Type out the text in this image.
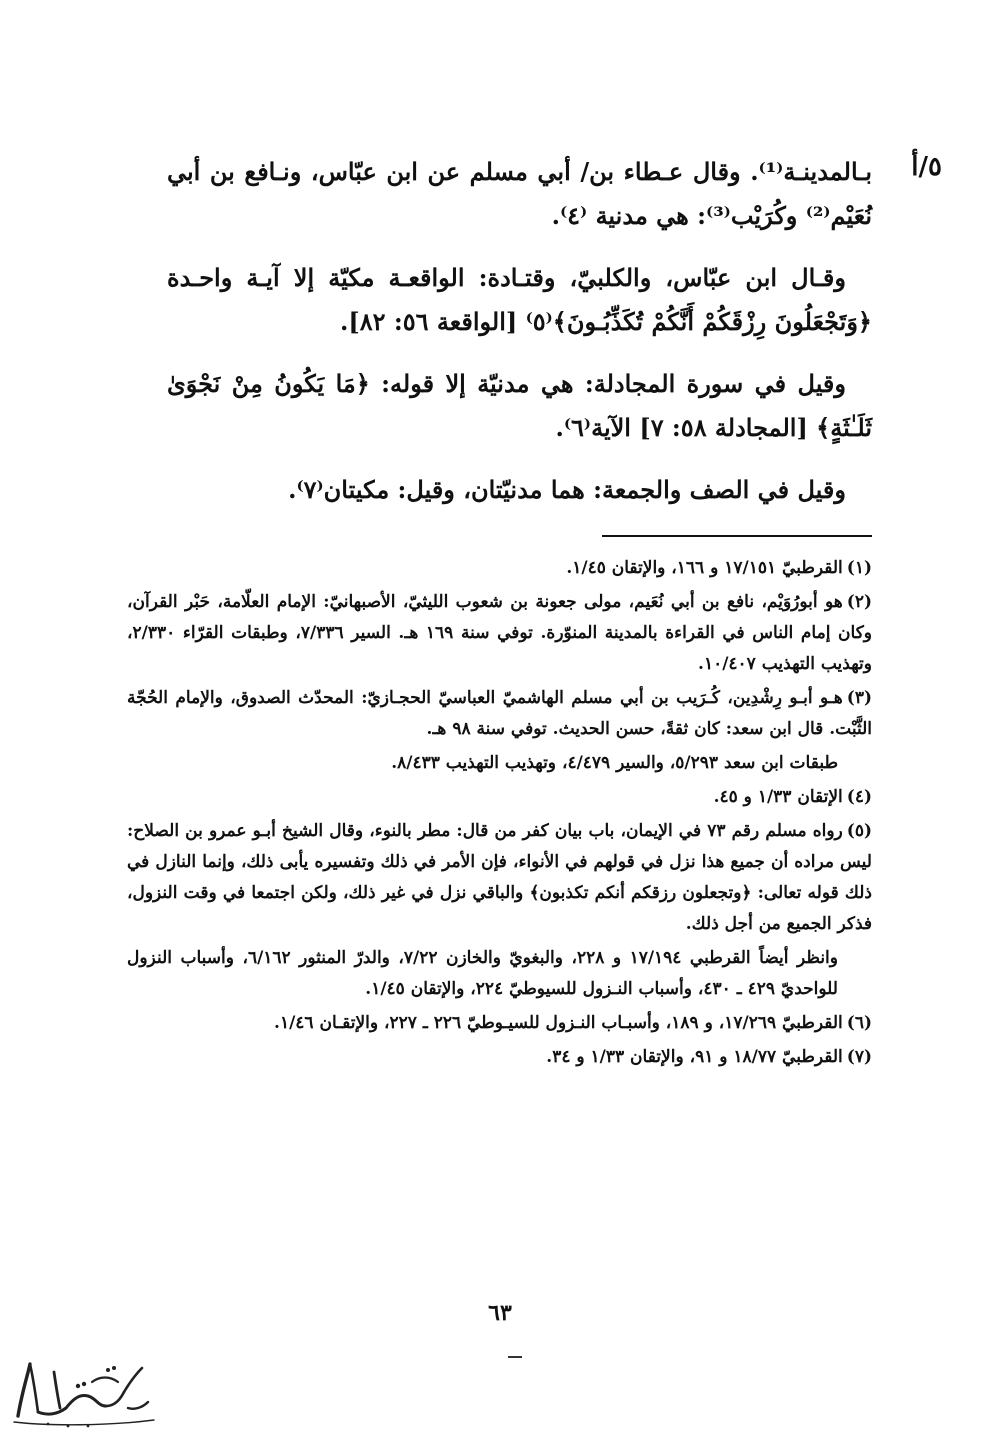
٥/أ

بـالمدينـة⁽¹⁾. وقال عـطاء بن/ أبي مسلم عن ابن عبّاس، ونـافع بن أبي نُعَيْم⁽²⁾ وكُرَيْب⁽³⁾: هي مدنية ⁽٤⁾.

وقـال ابن عبّاس، والكلبيّ، وقتـادة: الواقعـة مكيّة إلا آيـة واحـدة ﴿وَتَجْعَلُونَ رِزْقَكُمْ أَنَّكُمْ تُكَذِّبُـونَ﴾⁽٥⁾ [الواقعة ٥٦: ٨٢].

وقيل في سورة المجادلة: هي مدنيّة إلا قوله: ﴿مَا يَكُونُ مِنْ نَجْوَىٰ ثَلَـٰثَةٍ﴾ [المجادلة ٥٨: ٧] الآية⁽٦⁾.

وقيل في الصف والجمعة: هما مدنيّتان، وقيل: مكيتان⁽٧⁾.

(١)القرطبيّ ١٧/١٥١ و ١٦٦، والإتقان ١/٤٥.

(٢)هو أبورُوَيْم، نافع بن أبي نُعَيم، مولى جعونة بن شعوب الليثيّ، الأصبهانيّ: الإمام العلّامة، حَبْر القرآن، وكان إمام الناس في القراءة بالمدينة المنوّرة. توفي سنة ١٦٩ هـ. السير ٧/٣٣٦، وطبقات القرّاء ٢/٣٣٠، وتهذيب التهذيب ١٠/٤٠٧.

(٣)هـو أبـو رِشْدِين، كُـرَيب بن أبي مسلم الهاشميّ العباسيّ الحجـازيّ: المحدّث الصدوق، والإمام الحُجّة الثَّبْت. قال ابن سعد: كان ثقةً، حسن الحديث. توفي سنة ٩٨ هـ.

طبقات ابن سعد ٥/٢٩٣، والسير ٤/٤٧٩، وتهذيب التهذيب ٨/٤٣٣.

(٤)الإتقان ١/٣٣ و ٤٥.

(٥)رواه مسلم رقم ٧٣ في الإيمان، باب بيان كفر من قال: مطر بالنوء، وقال الشيخ أبـو عمرو بن الصلاح: ليس مراده أن جميع هذا نزل في قولهم في الأنواء، فإن الأمر في ذلك وتفسيره يأبى ذلك، وإنما النازل في ذلك قوله تعالى: ﴿وتجعلون رزقكم أنكم تكذبون﴾ والباقي نزل في غير ذلك، ولكن اجتمعا في وقت النزول، فذكر الجميع من أجل ذلك.

وانظر أيضاً القرطبي ١٧/١٩٤ و ٢٢٨، والبغويّ والخازن ٧/٢٢، والدرّ المنثور ٦/١٦٢، وأسباب النزول للواحديّ ٤٢٩ ـ ٤٣٠، وأسباب النـزول للسيوطيّ ٢٢٤، والإتقان ١/٤٥.

(٦)القرطبيّ ١٧/٢٦٩، و ١٨٩، وأسبـاب النـزول للسيـوطيّ ٢٢٦ ـ ٢٢٧، والإتقـان ١/٤٦.

(٧)القرطبيّ ١٨/٧٧ و ٩١، والإتقان ١/٣٣ و ٣٤.

٦٣
